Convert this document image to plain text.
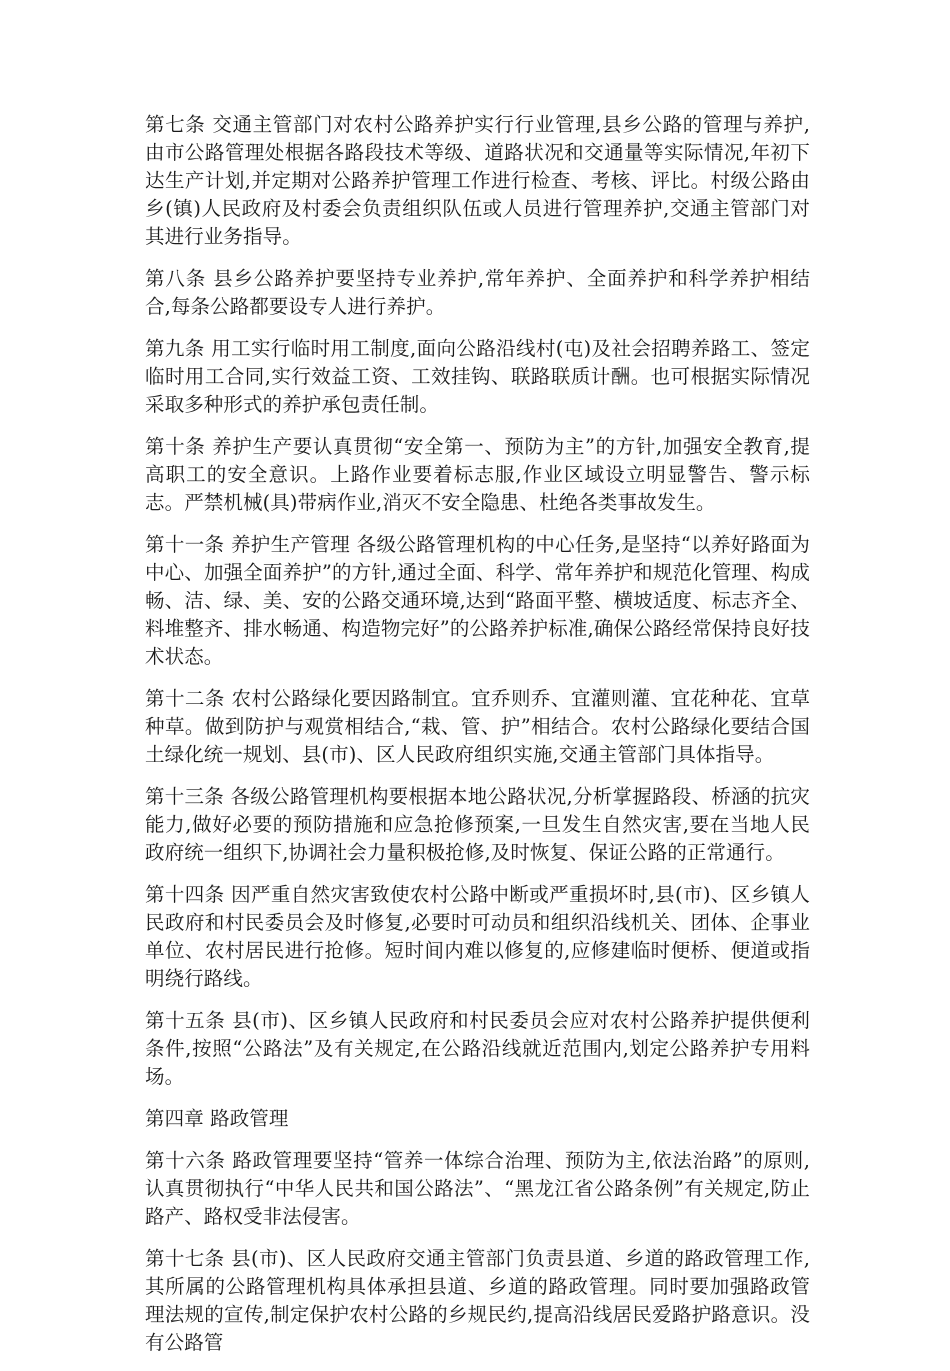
第七条 交通主管部门对农村公路养护实行行业管理,县乡公路的管理与养护,由市公路管理处根据各路段技术等级、道路状况和交通量等实际情况,年初下达生产计划,并定期对公路养护管理工作进行检查、考核、评比。村级公路由乡(镇)人民政府及村委会负责组织队伍或人员进行管理养护,交通主管部门对其进行业务指导。

第八条 县乡公路养护要坚持专业养护,常年养护、全面养护和科学养护相结合,每条公路都要设专人进行养护。

第九条 用工实行临时用工制度,面向公路沿线村(屯)及社会招聘养路工、签定临时用工合同,实行效益工资、工效挂钩、联路联质计酬。也可根据实际情况采取多种形式的养护承包责任制。

第十条 养护生产要认真贯彻“安全第一、预防为主”的方针,加强安全教育,提高职工的安全意识。上路作业要着标志服,作业区域设立明显警告、警示标志。严禁机械(具)带病作业,消灭不安全隐患、杜绝各类事故发生。

第十一条 养护生产管理 各级公路管理机构的中心任务,是坚持“以养好路面为中心、加强全面养护”的方针,通过全面、科学、常年养护和规范化管理、构成畅、洁、绿、美、安的公路交通环境,达到“路面平整、横坡适度、标志齐全、料堆整齐、排水畅通、构造物完好”的公路养护标准,确保公路经常保持良好技术状态。

第十二条 农村公路绿化要因路制宜。宜乔则乔、宜灌则灌、宜花种花、宜草种草。做到防护与观赏相结合,“栽、管、护”相结合。农村公路绿化要结合国土绿化统一规划、县(市)、区人民政府组织实施,交通主管部门具体指导。

第十三条 各级公路管理机构要根据本地公路状况,分析掌握路段、桥涵的抗灾能力,做好必要的预防措施和应急抢修预案,一旦发生自然灾害,要在当地人民政府统一组织下,协调社会力量积极抢修,及时恢复、保证公路的正常通行。

第十四条 因严重自然灾害致使农村公路中断或严重损坏时,县(市)、区乡镇人民政府和村民委员会及时修复,必要时可动员和组织沿线机关、团体、企事业单位、农村居民进行抢修。短时间内难以修复的,应修建临时便桥、便道或指明绕行路线。

第十五条 县(市)、区乡镇人民政府和村民委员会应对农村公路养护提供便利条件,按照“公路法”及有关规定,在公路沿线就近范围内,划定公路养护专用料场。

第四章 路政管理

第十六条 路政管理要坚持“管养一体综合治理、预防为主,依法治路”的原则,认真贯彻执行“中华人民共和国公路法”、“黑龙江省公路条例”有关规定,防止路产、路权受非法侵害。

第十七条 县(市)、区人民政府交通主管部门负责县道、乡道的路政管理工作,其所属的公路管理机构具体承担县道、乡道的路政管理。同时要加强路政管理法规的宣传,制定保护农村公路的乡规民约,提高沿线居民爱路护路意识。没有公路管
